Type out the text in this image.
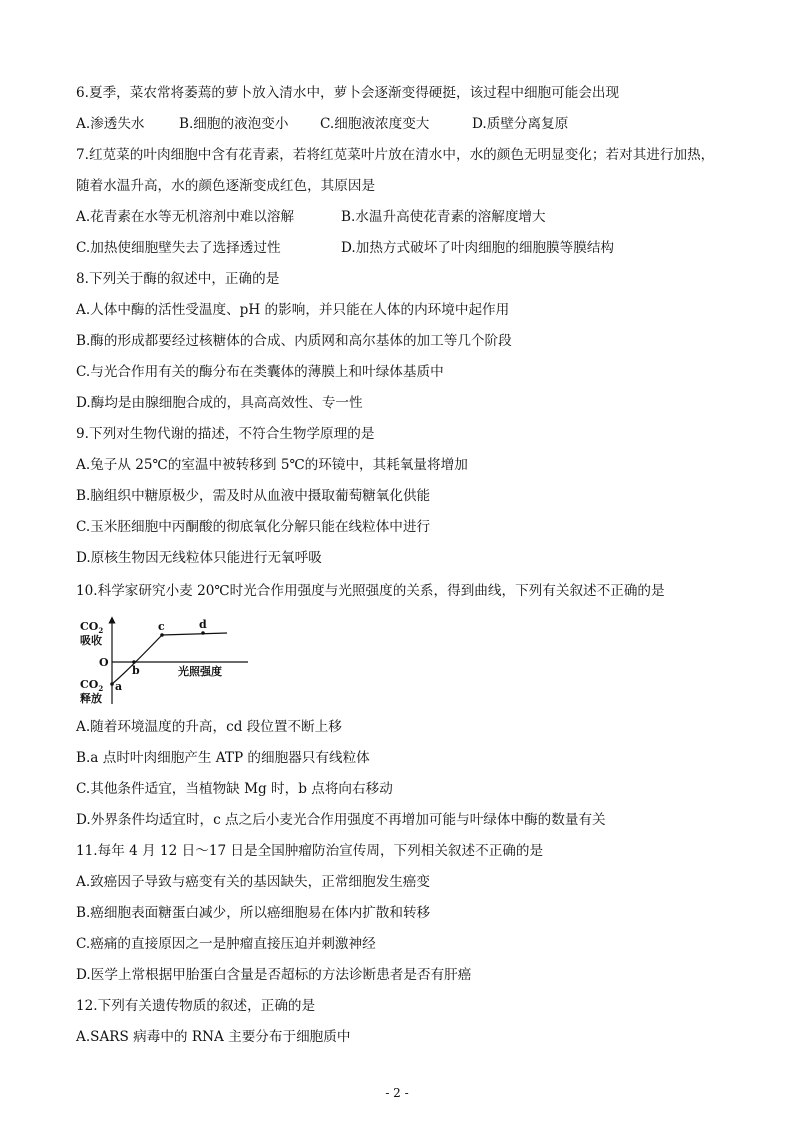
6.夏季，菜农常将萎蔫的萝卜放入清水中，萝卜会逐渐变得硬挺，该过程中细胞可能会出现
A.渗透失水	B.细胞的液泡变小 C.细胞液浓度变大	D.质壁分离复原
7.红苋菜的叶肉细胞中含有花青素，若将红苋菜叶片放在清水中，水的颜色无明显变化；若对其进行加热，
随着水温升高，水的颜色逐渐变成红色，其原因是
A.花青素在水等无机溶剂中难以溶解	B.水温升高使花青素的溶解度增大
C.加热使细胞壁失去了选择透过性	D.加热方式破坏了叶肉细胞的细胞膜等膜结构
8.下列关于酶的叙述中，正确的是
A.人体中酶的活性受温度、pH 的影响，并只能在人体的内环境中起作用
B.酶的形成都要经过核糖体的合成、内质网和高尔基体的加工等几个阶段
C.与光合作用有关的酶分布在类囊体的薄膜上和叶绿体基质中
D.酶均是由腺细胞合成的，具高高效性、专一性
9.下列对生物代谢的描述，不符合生物学原理的是
A.兔子从 25℃的室温中被转移到 5℃的环镜中，其耗氧量将增加
B.脑组织中糖原极少，需及时从血液中摄取葡萄糖氧化供能
C.玉米胚细胞中丙酮酸的彻底氧化分解只能在线粒体中进行
D.原核生物因无线粒体只能进行无氧呼吸
10.科学家研究小麦 20℃时光合作用强度与光照强度的关系，得到曲线，下列有关叙述不正确的是
$CO_2$
吸收
O
光照强度
$CO_2$
释放
a
b
c	d
A.随着环境温度的升高，cd 段位置不断上移
B.a 点时叶肉细胞产生 ATP 的细胞器只有线粒体
C.其他条件适宜，当植物缺 Mg 时，b 点将向右移动
D.外界条件均适宜时，c 点之后小麦光合作用强度不再增加可能与叶绿体中酶的数量有关
11.每年 4 月 12 日～17 日是全国肿瘤防治宣传周，下列相关叙述不正确的是
A.致癌因子导致与癌变有关的基因缺失，正常细胞发生癌变
B.癌细胞表面糖蛋白减少，所以癌细胞易在体内扩散和转移
C.癌痛的直接原因之一是肿瘤直接压迫并刺激神经
D.医学上常根据甲胎蛋白含量是否超标的方法诊断患者是否有肝癌
12.下列有关遗传物质的叙述，正确的是
A.SARS 病毒中的 RNA 主要分布于细胞质中
- 2 -
